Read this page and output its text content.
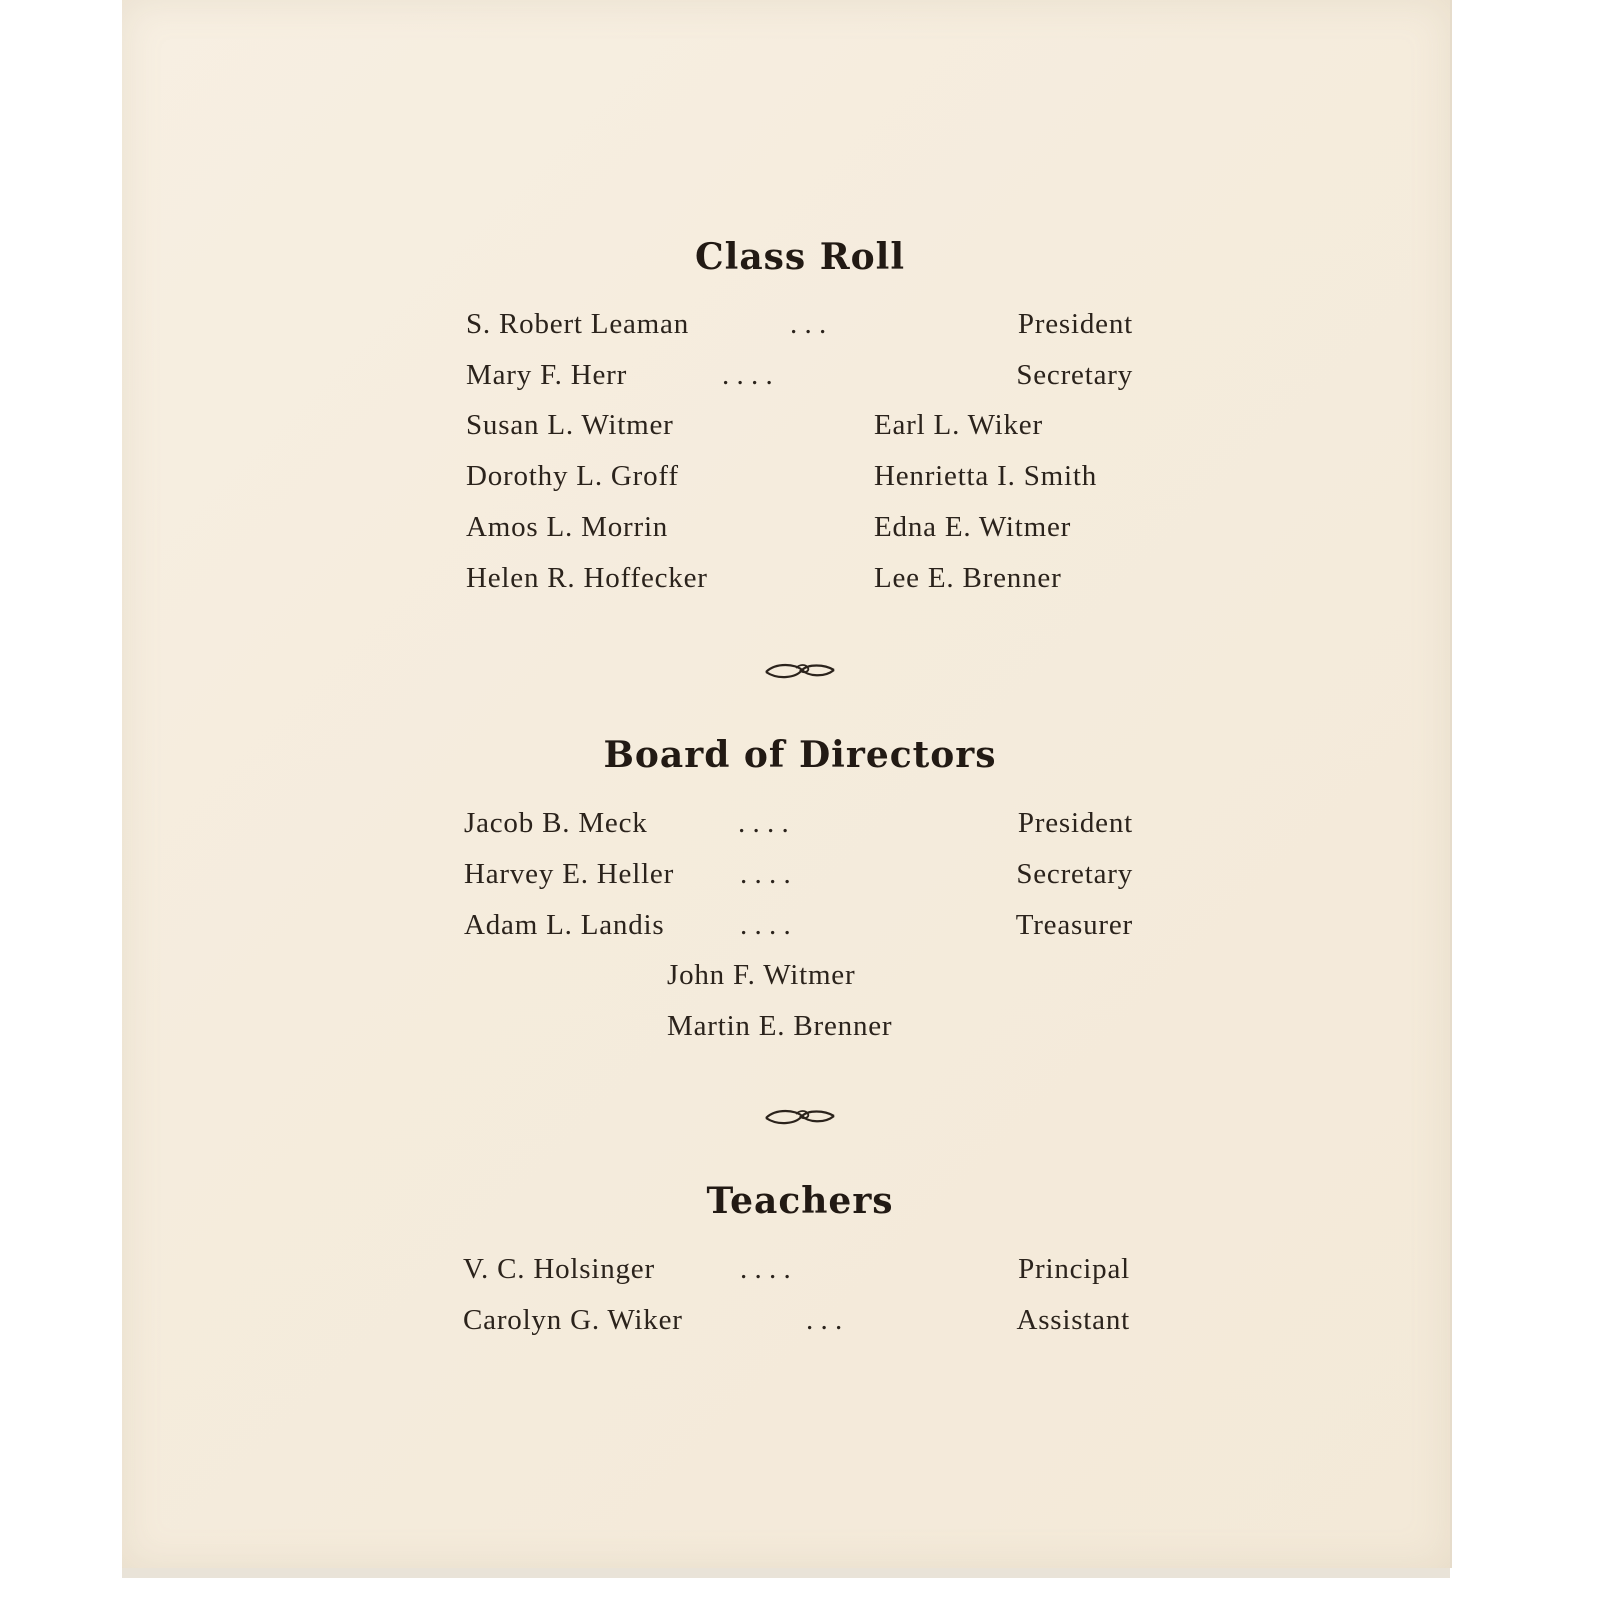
Class Roll
S. Robert Leaman	. . .	President
Mary F. Herr	. . . .	Secretary
Susan L. Witmer	Earl L. Wiker
Dorothy L. Groff	Henrietta I. Smith
Amos L. Morrin	Edna E. Witmer
Helen R. Hoffecker	Lee E. Brenner
Board of Directors
Jacob B. Meck	. . . .	President
Harvey E. Heller . . . .	Secretary
Adam L. Landis	. . . .	Treasurer
John F. Witmer
Martin E. Brenner
Teachers
V. C. Holsinger	. . . .	Principal
Carolyn G. Wiker	. . .	Assistant
